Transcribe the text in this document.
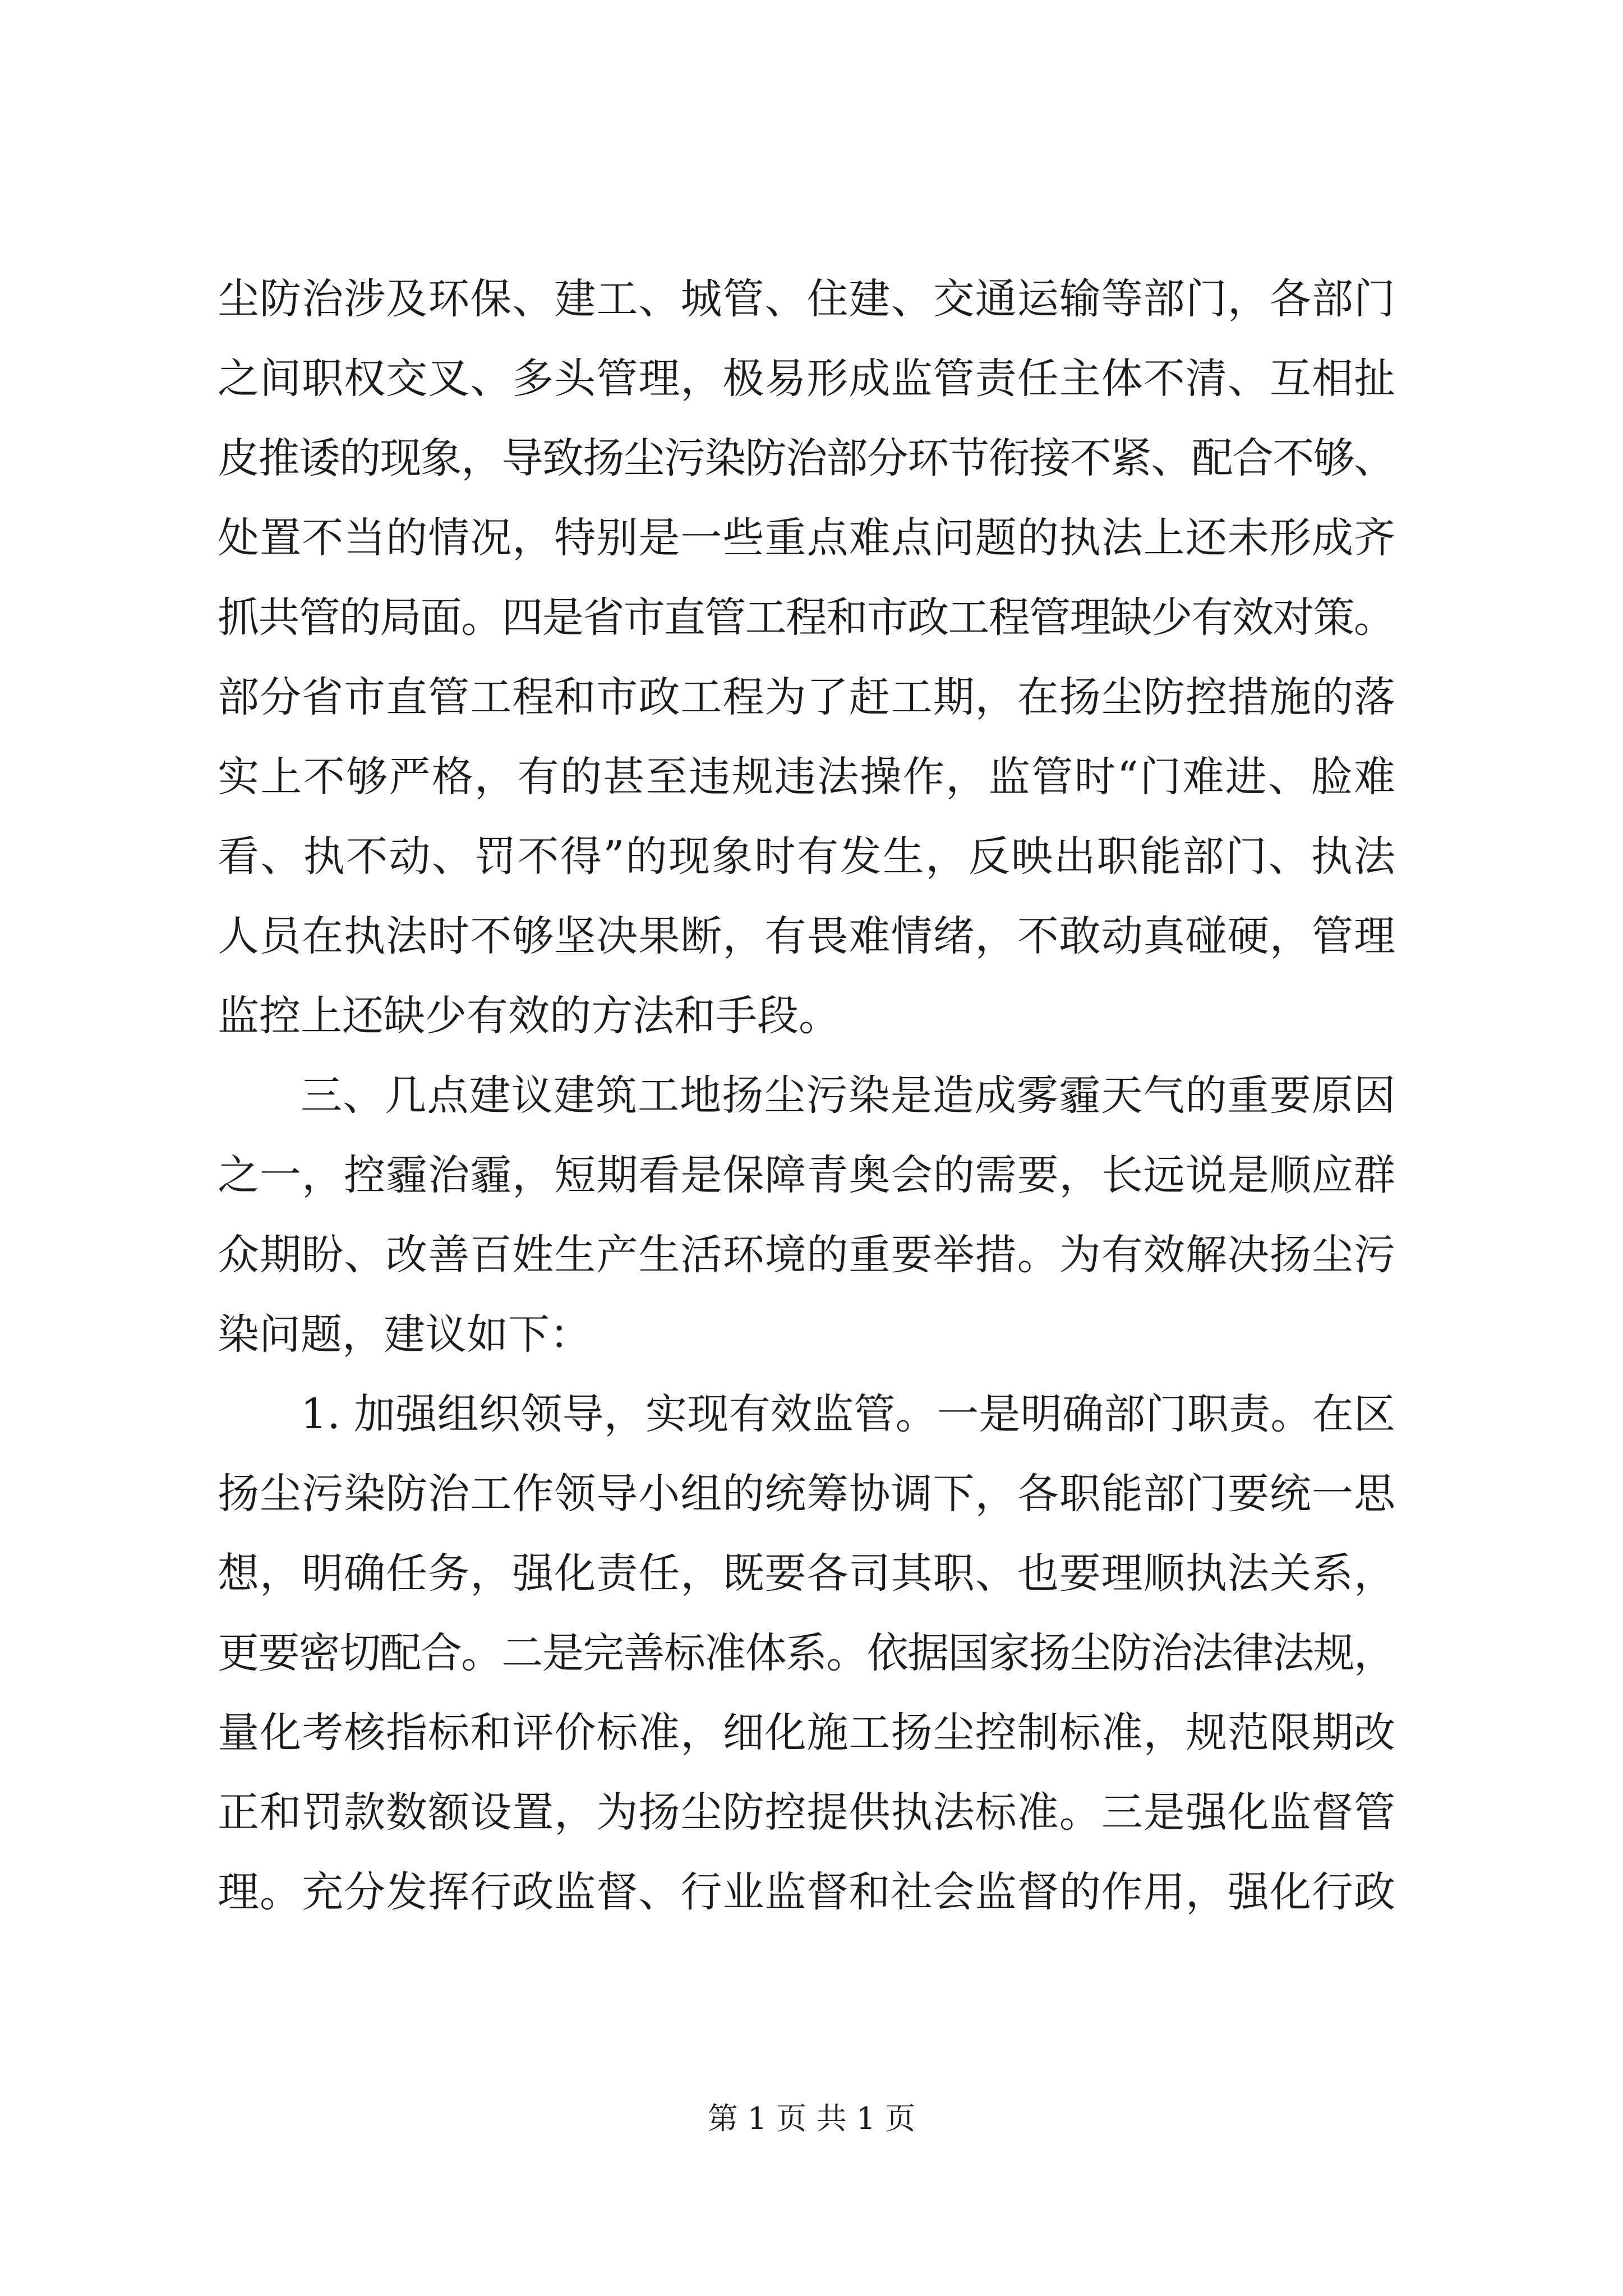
尘防治涉及环保、建工、城管、住建、交通运输等部门，各部门
之间职权交叉、多头管理，极易形成监管责任主体不清、互相扯
皮推诿的现象，导致扬尘污染防治部分环节衔接不紧、配合不够、
处置不当的情况，特别是一些重点难点问题的执法上还未形成齐
抓共管的局面。四是省市直管工程和市政工程管理缺少有效对策。
部分省市直管工程和市政工程为了赶工期，在扬尘防控措施的落
实上不够严格，有的甚至违规违法操作，监管时“门难进、脸难
看、执不动、罚不得”的现象时有发生，反映出职能部门、执法
人员在执法时不够坚决果断，有畏难情绪，不敢动真碰硬，管理
监控上还缺少有效的方法和手段。
三、几点建议建筑工地扬尘污染是造成雾霾天气的重要原因
之一，控霾治霾，短期看是保障青奥会的需要，长远说是顺应群
众期盼、改善百姓生产生活环境的重要举措。为有效解决扬尘污
染问题，建议如下：
1. 加强组织领导，实现有效监管。一是明确部门职责。在区
扬尘污染防治工作领导小组的统筹协调下，各职能部门要统一思
想，明确任务，强化责任，既要各司其职、也要理顺执法关系，
更要密切配合。二是完善标准体系。依据国家扬尘防治法律法规，
量化考核指标和评价标准，细化施工扬尘控制标准，规范限期改
正和罚款数额设置，为扬尘防控提供执法标准。三是强化监督管
理。充分发挥行政监督、行业监督和社会监督的作用，强化行政
第 1 页 共 1 页
